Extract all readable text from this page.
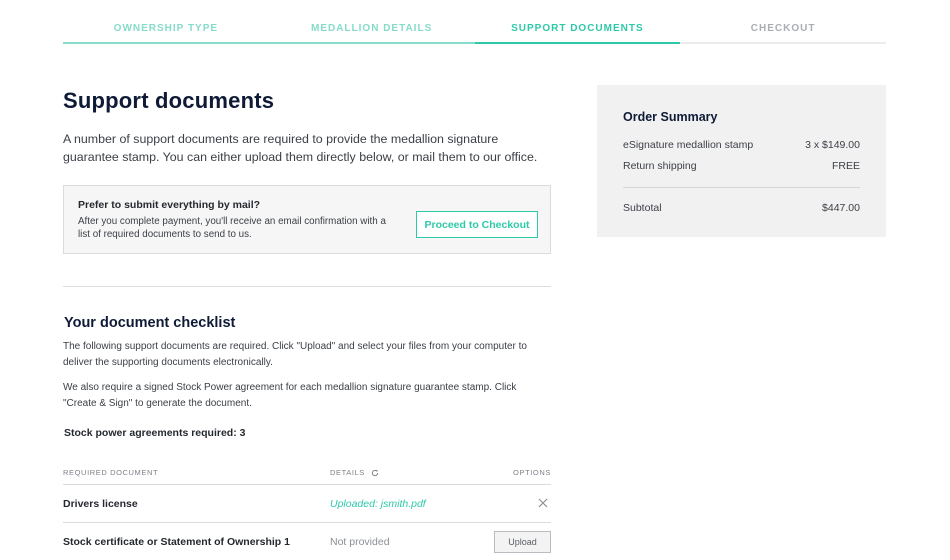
OWNERSHIP TYPE	MEDALLION DETAILS	SUPPORT DOCUMENTS	CHECKOUT
Support documents

A number of support documents are required to provide the medallion signature guarantee stamp. You can either upload them directly below, or mail them to our office.

Prefer to submit everything by mail?
After you complete payment, you'll receive an email confirmation with a list of required documents to send to us.
Proceed to Checkout
Your document checklist

The following support documents are required. Click "Upload" and select your files from your computer to deliver the supporting documents electronically.

We also require a signed Stock Power agreement for each medallion signature guarantee stamp. Click "Create & Sign" to generate the document.

Stock power agreements required: 3
REQUIRED DOCUMENT	DETAILS	OPTIONS
Drivers license	Uploaded: jsmith.pdf
Stock certificate or Statement of Ownership 1	Not provided	Upload
Order Summary
eSignature medallion stamp	3 x $149.00
Return shipping	FREE
Subtotal	$447.00
